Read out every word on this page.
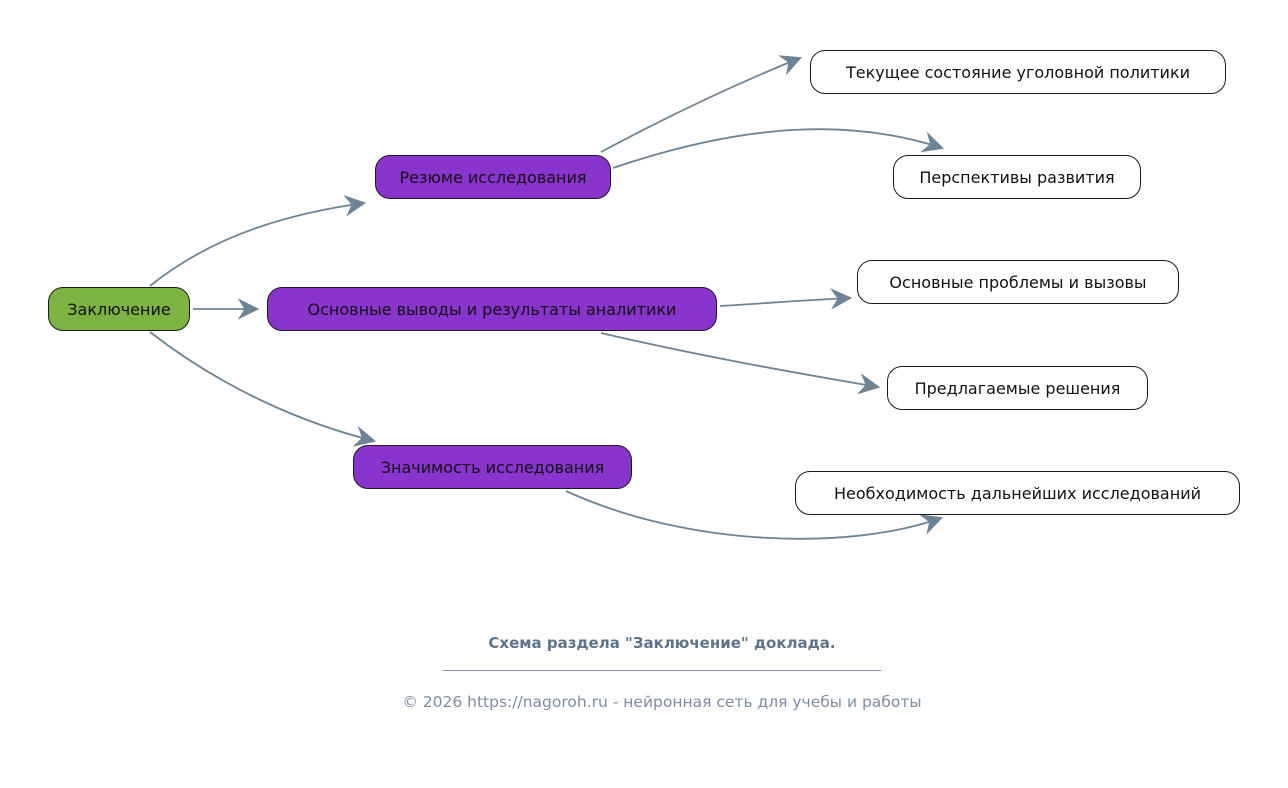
Заключение
Резюме исследования
Основные выводы и результаты аналитики
Значимость исследования
Текущее состояние уголовной политики
Перспективы развития
Основные проблемы и вызовы
Предлагаемые решения
Необходимость дальнейших исследований
Схема раздела "Заключение" доклада.
© 2026 https://nagoroh.ru - нейронная сеть для учебы и работы
